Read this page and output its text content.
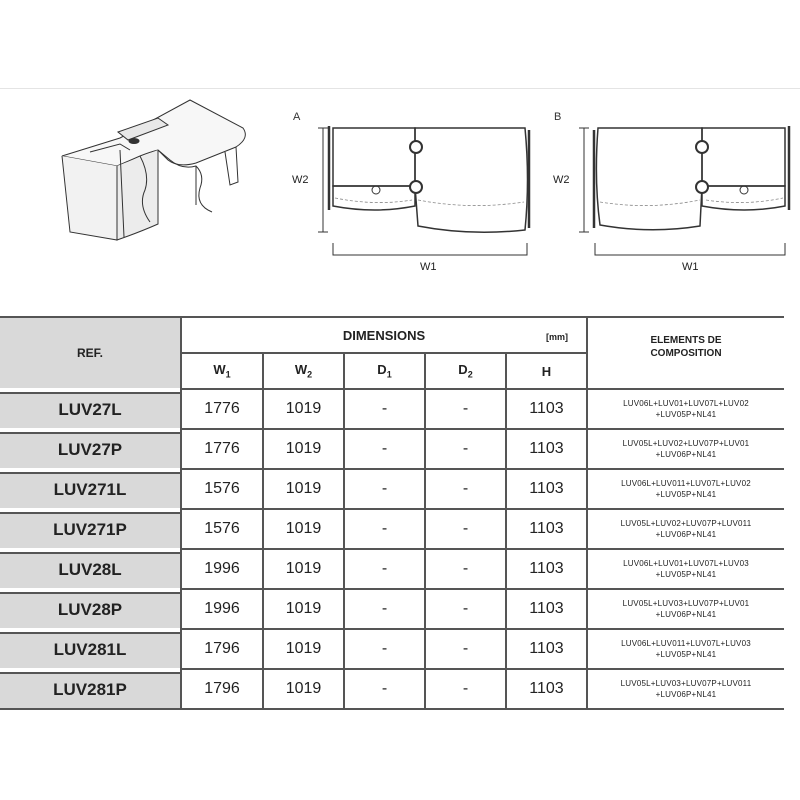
A
W2
W1
B
W2
W1
REF.	DIMENSIONS [mm]					ELEMENTS DE COMPOSITION
	$W_1$	$W_2$	$D_1$	$D_2$	H	
LUV27L	1776	1019	-	-	1103	LUV06L+LUV01+LUV07L+LUV02
+LUV05P+NL41

LUV27P	1776	1019	-	-	1103	LUV05L+LUV02+LUV07P+LUV01
+LUV06P+NL41

LUV271L	1576	1019	-	-	1103	LUV06L+LUV011+LUV07L+LUV02
+LUV05P+NL41

LUV271P	1576	1019	-	-	1103	LUV05L+LUV02+LUV07P+LUV011
+LUV06P+NL41

LUV28L	1996	1019	-	-	1103	LUV06L+LUV01+LUV07L+LUV03
+LUV05P+NL41

LUV28P	1996	1019	-	-	1103	LUV05L+LUV03+LUV07P+LUV01
+LUV06P+NL41

LUV281L	1796	1019	-	-	1103	LUV06L+LUV011+LUV07L+LUV03
+LUV05P+NL41

LUV281P	1796	1019	-	-	1103	LUV05L+LUV03+LUV07P+LUV011
+LUV06P+NL41
